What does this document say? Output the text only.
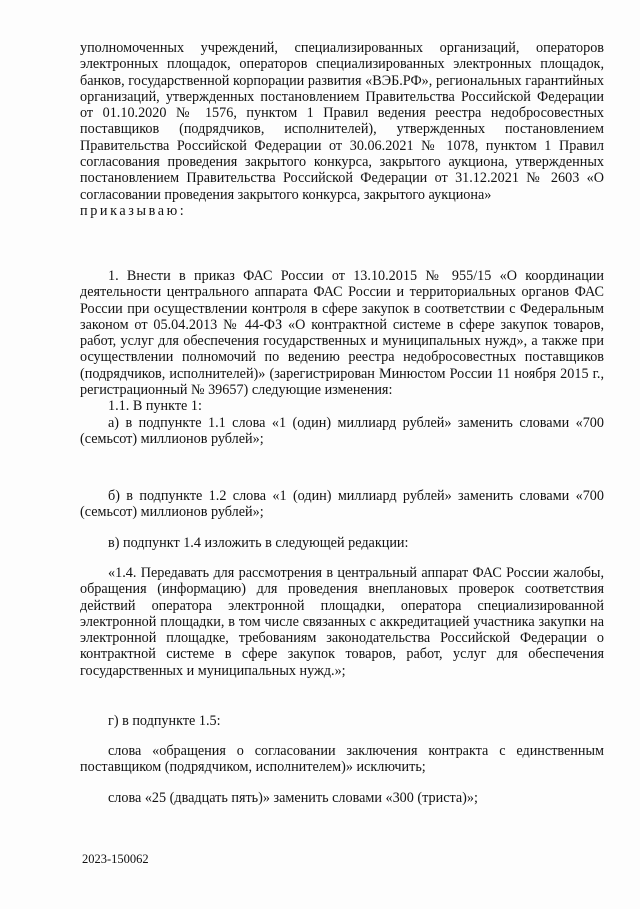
уполномоченных учреждений, специализированных организаций, операторов электронных площадок, операторов специализированных электронных площадок, банков, государственной корпорации развития «ВЭБ.РФ», региональных гарантийных организаций, утвержденных постановлением Правительства Российской Федерации от 01.10.2020 № 1576, пунктом 1 Правил ведения реестра недобросовестных поставщиков (подрядчиков, исполнителей), утвержденных постановлением Правительства Российской Федерации от 30.06.2021 № 1078, пунктом 1 Правил согласования проведения закрытого конкурса, закрытого аукциона, утвержденных постановлением Правительства Российской Федерации от 31.12.2021 № 2603 «О согласовании проведения закрытого конкурса, закрытого аукциона»

приказываю:

1. Внести в приказ ФАС России от 13.10.2015 № 955/15 «О координации деятельности центрального аппарата ФАС России и территориальных органов ФАС России при осуществлении контроля в сфере закупок в соответствии с Федеральным законом от 05.04.2013 № 44-ФЗ «О контрактной системе в сфере закупок товаров, работ, услуг для обеспечения государственных и муниципальных нужд», а также при осуществлении полномочий по ведению реестра недобросовестных поставщиков (подрядчиков, исполнителей)» (зарегистрирован Минюстом России 11 ноября 2015 г., регистрационный № 39657) следующие изменения:

1.1. В пункте 1:

а) в подпункте 1.1 слова «1 (один) миллиард рублей» заменить словами «700 (семьсот) миллионов рублей»;

б) в подпункте 1.2 слова «1 (один) миллиард рублей» заменить словами «700 (семьсот) миллионов рублей»;

в) подпункт 1.4 изложить в следующей редакции:

«1.4. Передавать для рассмотрения в центральный аппарат ФАС России жалобы, обращения (информацию) для проведения внеплановых проверок соответствия действий оператора электронной площадки, оператора специализированной электронной площадки, в том числе связанных с аккредитацией участника закупки на электронной площадке, требованиям законодательства Российской Федерации о контрактной системе в сфере закупок товаров, работ, услуг для обеспечения государственных и муниципальных нужд.»;

г) в подпункте 1.5:

слова «обращения о согласовании заключения контракта с единственным поставщиком (подрядчиком, исполнителем)» исключить;

слова «25 (двадцать пять)» заменить словами «300 (триста)»;

2023-150062
